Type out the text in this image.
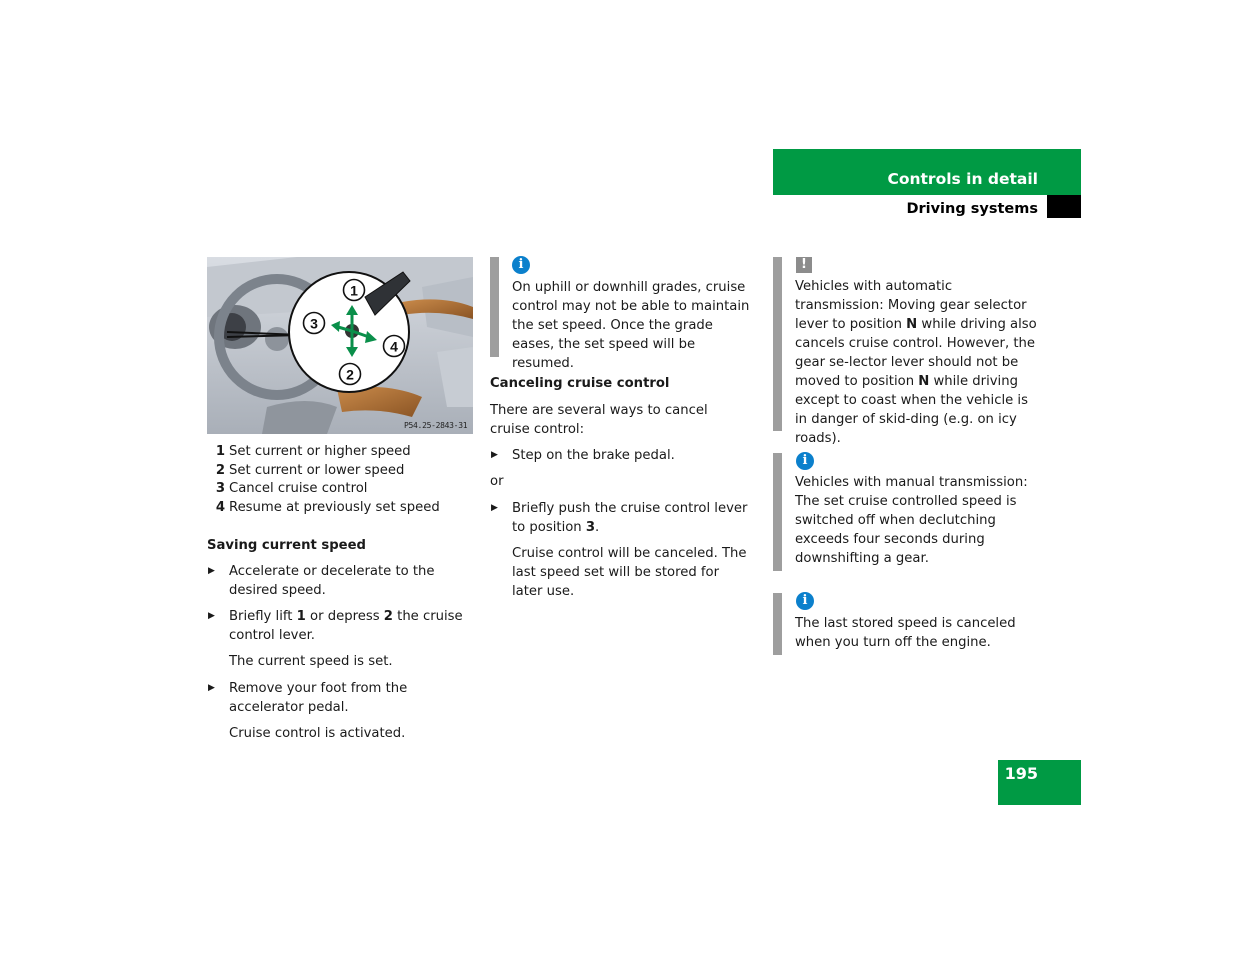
Controls in detail
Driving systems
1
2
3
4
P54.25-2843-31
1 Set current or higher speed
2 Set current or lower speed
3 Cancel cruise control
4 Resume at previously set speed
Saving current speed
▶ Accelerate or decelerate to the desired speed.
▶ Briefly lift 1 or depress 2 the cruise control lever.
The current speed is set.
▶ Remove your foot from the accelerator pedal.
Cruise control is activated.
i
On uphill or downhill grades, cruise control may not be able to maintain the set speed. Once the grade eases, the set speed will be resumed.
Canceling cruise control
There are several ways to cancel cruise control:
▶ Step on the brake pedal.
or
▶ Briefly push the cruise control lever to position 3.
Cruise control will be canceled. The last speed set will be stored for later use.
!
Vehicles with automatic transmission: Moving gear selector lever to position N while driving also cancels cruise control. However, the gear se-lector lever should not be moved to position N while driving except to coast when the vehicle is in danger of skid-ding (e.g. on icy roads).
i
Vehicles with manual transmission: The set cruise controlled speed is switched off when declutching exceeds four seconds during downshifting a gear.
i
The last stored speed is canceled when you turn off the engine.
195
